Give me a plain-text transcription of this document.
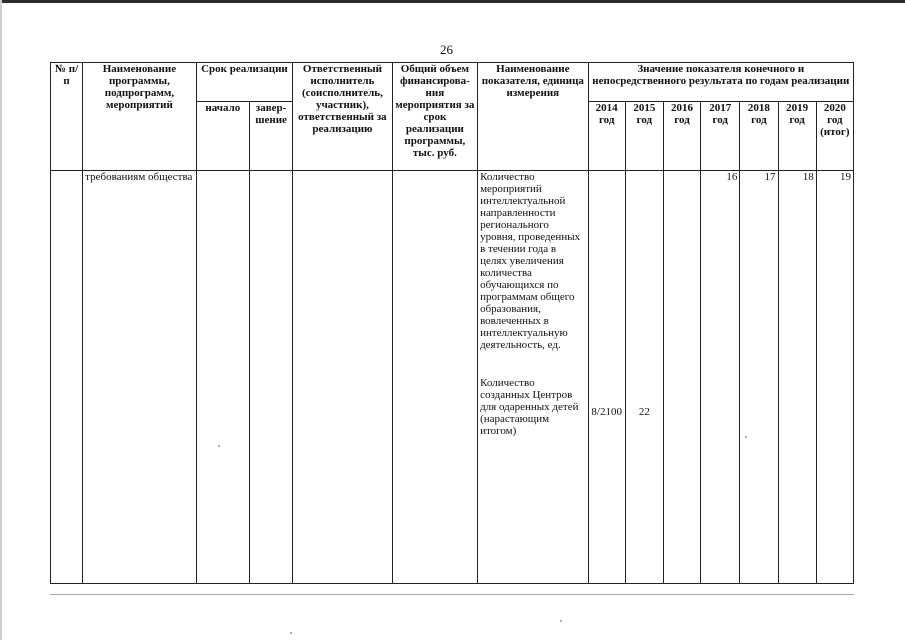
26
№ п/п	Наименование программы, подпрограмм, мероприятий	Срок реализации		Ответственный исполнитель (соисполнитель, участник), ответственный за реализацию	Общий объем финансирова-ния мероприятия за срок реализации программы, тыс. руб.	Наименование показателя, единица измерения	Значение показателя конечного и непосредственного результата по годам реализации						
		начало	завер-шение				2014 год	2015 год	2016 год	2017 год	2018 год	2019 год	2020 год (итог)
	требованиям общества					Количество мероприятий интеллектуальной направленности регионального уровня, проведенных в течении года в целях увеличения количества обучающихся по программам общего образования, вовлеченных в интеллектуальную деятельность, ед.
Количество созданных Центров для одаренных детей (нарастающим итогом)	8/2100	22		16	17	18	19
